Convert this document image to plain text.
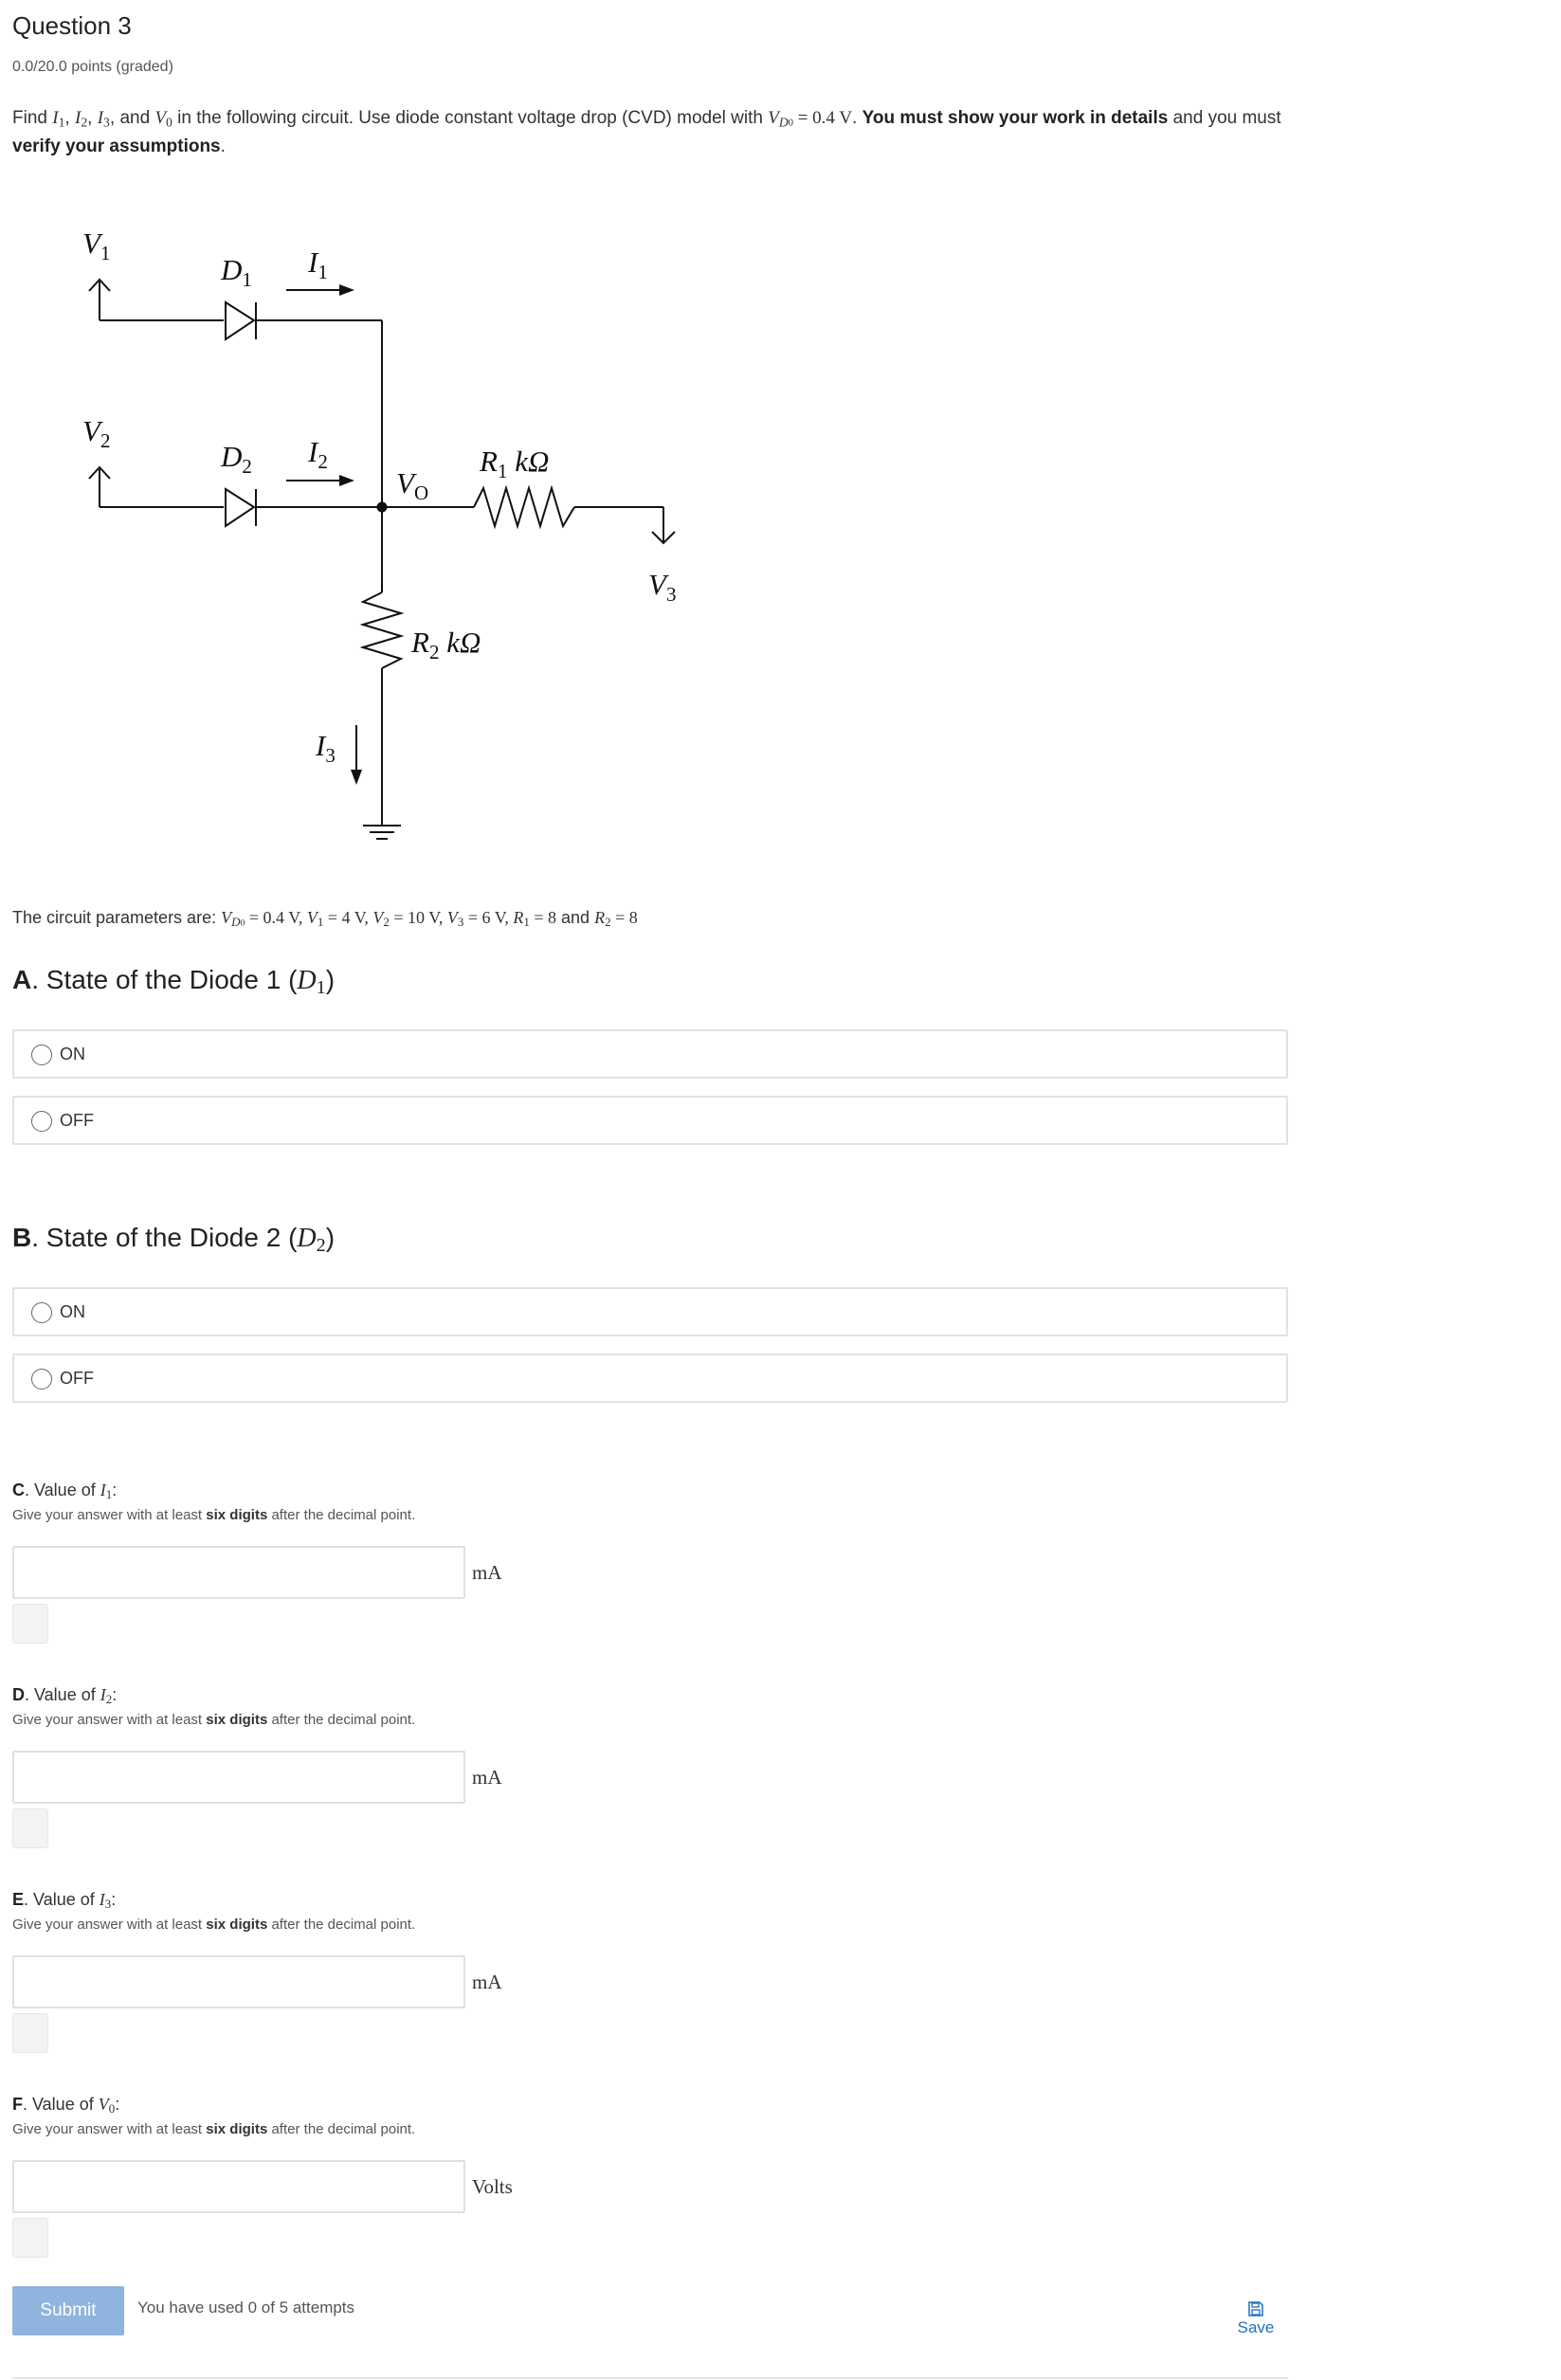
Question 3
0.0/20.0 points (graded)
Find $I_1$, $I_2$, $I_3$, and $V_0$ in the following circuit. Use diode constant voltage drop (CVD) model with $V_{D0} = 0.4$ V. You must show your work in details and you must verify your assumptions.
$V_1$	$D_1$
$I_1$
$V_2$	$D_2$ $I_2$
$V_O$
$R_1$ kΩ
$V_3$
$R_2$ kΩ
$I_3$
The circuit parameters are: $V_{D0} = 0.4$ V, $V_1 = 4$ V, $V_2 = 10$ V, $V_3 = 6$ V, $R_1 = 8$ and $R_2 = 8$
A. State of the Diode 1 $(D_1)$
ON
OFF
B. State of the Diode 2 $(D_2)$
ON
OFF
C. Value of $I_1$:
Give your answer with at least six digits after the decimal point.
mA
D. Value of $I_2$:
Give your answer with at least six digits after the decimal point.
mA
E. Value of $I_3$:
Give your answer with at least six digits after the decimal point.
mA
F. Value of $V_0$:
Give your answer with at least six digits after the decimal point.
Volts
Submit	You have used 0 of 5 attempts
Save
